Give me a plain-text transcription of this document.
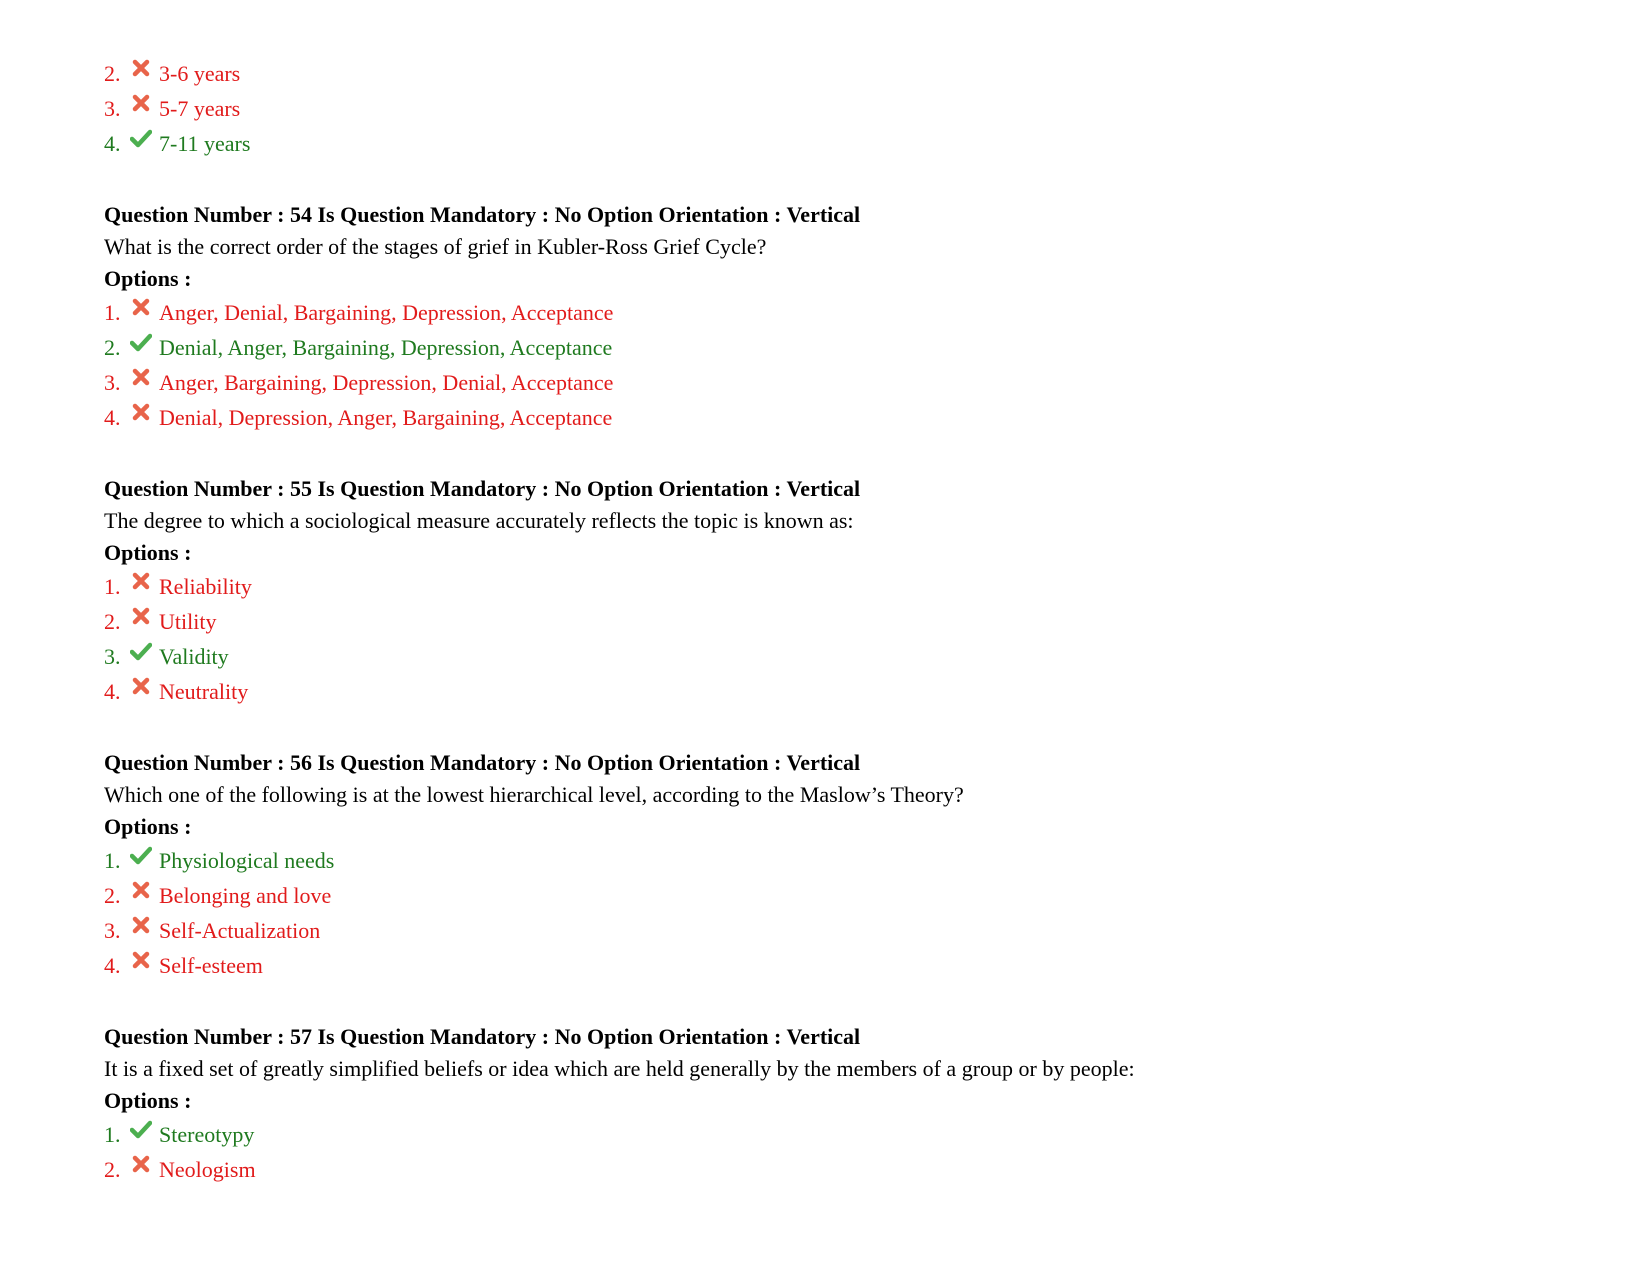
2.	3-6 years
3.	5-7 years
4.	7-11 years
Question Number : 54 Is Question Mandatory : No Option Orientation : Vertical
What is the correct order of the stages of grief in Kubler-Ross Grief Cycle?
Options :
1.	Anger, Denial, Bargaining, Depression, Acceptance
2.	Denial, Anger, Bargaining, Depression, Acceptance
3.	Anger, Bargaining, Depression, Denial, Acceptance
4.	Denial, Depression, Anger, Bargaining, Acceptance
Question Number : 55 Is Question Mandatory : No Option Orientation : Vertical
The degree to which a sociological measure accurately reflects the topic is known as:
Options :
1.	Reliability
2.	Utility
3.	Validity
4.	Neutrality
Question Number : 56 Is Question Mandatory : No Option Orientation : Vertical
Which one of the following is at the lowest hierarchical level, according to the Maslow’s Theory?
Options :
1.	Physiological needs
2.	Belonging and love
3.	Self-Actualization
4.	Self-esteem
Question Number : 57 Is Question Mandatory : No Option Orientation : Vertical
It is a fixed set of greatly simplified beliefs or idea which are held generally by the members of a group or by people:
Options :
1.	Stereotypy
2.	Neologism
